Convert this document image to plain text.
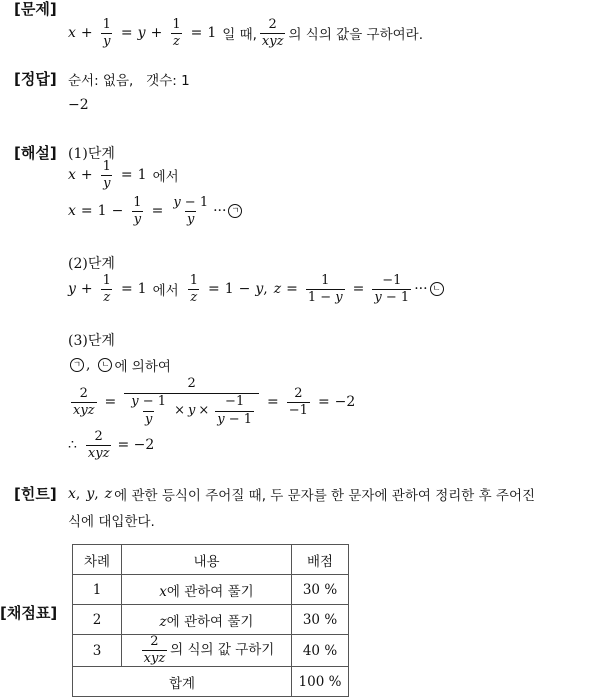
[문제]
[정답]
[해설]
[힌트]
[채점표]
$x + \frac{1}{y} = y + \frac{1}{z} = 1$ 일 때, $\frac{2}{\text{xyz}}$ 의 식의 값을 구하여라.
순서: 없음,   갯수: 1
−2
(1)단계
$x + \frac{1}{y} = 1$ 에서
$x = 1 - \frac{1}{y} = \frac{y - 1}{y}$ ··· ㄱ
(2)단계
$y + \frac{1}{z} = 1$ 에서 $\frac{1}{z} = 1 - y$ , $z = \frac{1}{1 - y} = \frac{-1}{y - 1}$ ··· ㄴ
(3)단계
ㄱ ,	ㄴ 에 의하여
$\frac{2}{\text{xyz}} = \frac{2}{\frac{y - 1}{y} \times y \times \frac{-1}{y - 1}} = \frac{2}{-1} = -2$
∴ $\frac{2}{\text{xyz}} = -2$
x , y , z 에 관한 등식이 주어질 때, 두 문자를 한 문자에 관하여 정리한 후 주어진
식에 대입한다.
차례	내용	배점
1	x에 관하여 풀기	30 %
2	z에 관하여 풀기	30 %
3	$\frac{2}{\text{xyz}}$ 의 식의 값 구하기	40 %
합계		100 %
